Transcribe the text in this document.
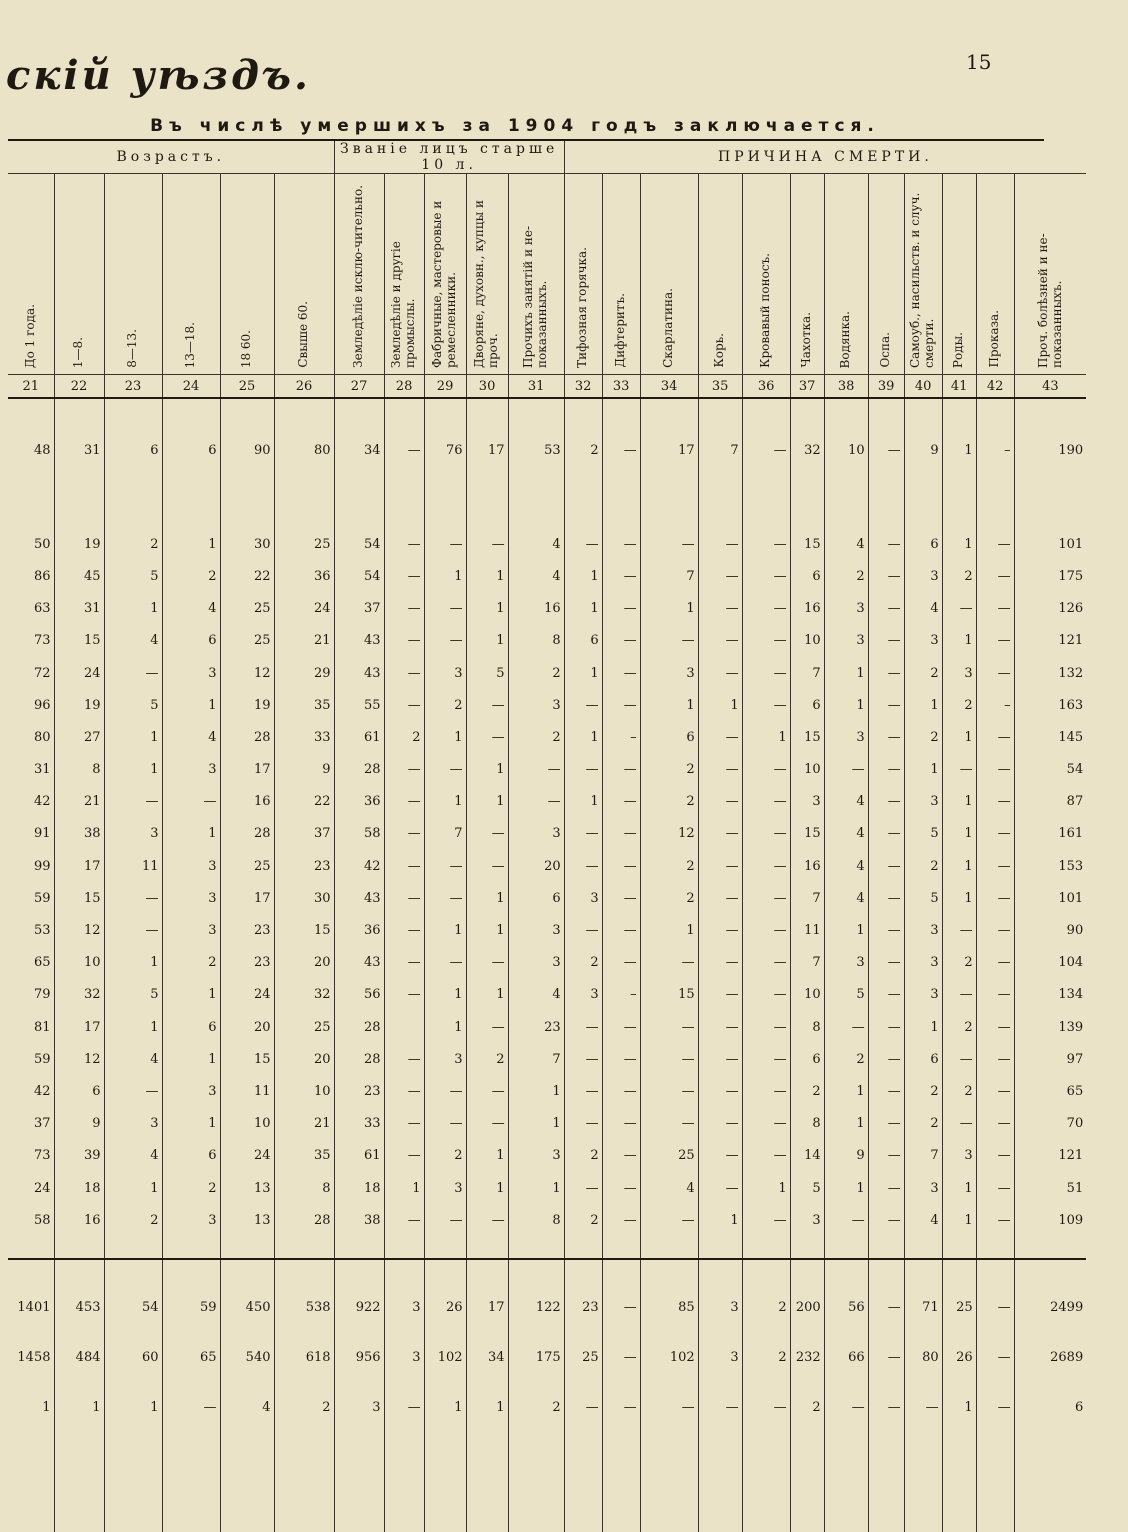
скій уѣздъ.	15
Въ числѣ умершихъ за 1904 годъ заключается.
Возрастъ.						Званіе лицъ старше 10 л.					ПРИЧИНА СМЕРТИ.											

До 1 года.	1—8.	8—13.	13—18.	18 60.	Свыше 60.	Земледѣліе исклю-чительно.	Земледѣліе и другіе промыслы.	Фабричные, мастеровые и ремесленники.	Дворяне, духовн., купцы и проч.	Прочихъ занятій и не-показанныхъ.	Тифозная горячка.	Дифтеритъ.	Скарлатина.	Корь.	Кровавый поносъ.	Чахотка.	Водянка.	Оспа.	Самоуб., насильств. и случ. смерти.	Роды.	Проказа.	Проч. болѣзней и не-показанныхъ.

21	22	23	24	25	26	27	28	29	30	31	32	33	34	35	36	37	38	39	40	41	42	43

48	31	6	6	90	80	34	—	76	17	53	2	—	17	7	—	32	10	—	9	1	–	190

50	19	2	1	30	25	54	—	—	—	4	—	—	—	—	—	15	4	—	6	1	—	101
86	45	5	2	22	36	54	—	1	1	4	1	—	7	—	—	6	2	—	3	2	—	175
63	31	1	4	25	24	37	—	—	1	16	1	—	1	—	—	16	3	—	4	—	—	126
73	15	4	6	25	21	43	—	—	1	8	6	—	—	—	—	10	3	—	3	1	—	121
72	24	—	3	12	29	43	—	3	5	2	1	—	3	—	—	7	1	—	2	3	—	132
96	19	5	1	19	35	55	—	2	—	3	—	—	1	1	—	6	1	—	1	2	–	163
80	27	1	4	28	33	61	2	1	—	2	1	–	6	—	1	15	3	—	2	1	—	145
31	8	1	3	17	9	28	—	—	1	—	—	—	2	—	—	10	—	—	1	—	—	54
42	21	—	—	16	22	36	—	1	1	—	1	—	2	—	—	3	4	—	3	1	—	87
91	38	3	1	28	37	58	—	7	—	3	—	—	12	—	—	15	4	—	5	1	—	161
99	17	11	3	25	23	42	—	—	—	20	—	—	2	—	—	16	4	—	2	1	—	153
59	15	—	3	17	30	43	—	—	1	6	3	—	2	—	—	7	4	—	5	1	—	101
53	12	—	3	23	15	36	—	1	1	3	—	—	1	—	—	11	1	—	3	—	—	90
65	10	1	2	23	20	43	—	—	—	3	2	—	—	—	—	7	3	—	3	2	—	104
79	32	5	1	24	32	56	—	1	1	4	3	–	15	—	—	10	5	—	3	—	—	134
81	17	1	6	20	25	28		1	—	23	—	—	—	—	—	8	—	—	1	2	—	139
59	12	4	1	15	20	28	—	3	2	7	—	—	—	—	—	6	2	—	6	—	—	97
42	6	—	3	11	10	23	—	—	—	1	—	—	—	—	—	2	1	—	2	2	—	65
37	9	3	1	10	21	33	—	—	—	1	—	—	—	—	—	8	1	—	2	—	—	70
73	39	4	6	24	35	61	—	2	1	3	2	—	25	—	—	14	9	—	7	3	—	121
24	18	1	2	13	8	18	1	3	1	1	—	—	4	—	1	5	1	—	3	1	—	51
58	16	2	3	13	28	38	—	—	—	8	2	—	—	1	—	3	—	—	4	1	—	109

1401	453	54	59	450	538	922	3	26	17	122	23	—	85	3	2	200	56	—	71	25	—	2499
1458	484	60	65	540	618	956	3	102	34	175	25	—	102	3	2	232	66	—	80	26	—	2689
1	1	1	—	4	2	3	—	1	1	2	—	—	—	—	—	2	—	—	—	1	—	6
